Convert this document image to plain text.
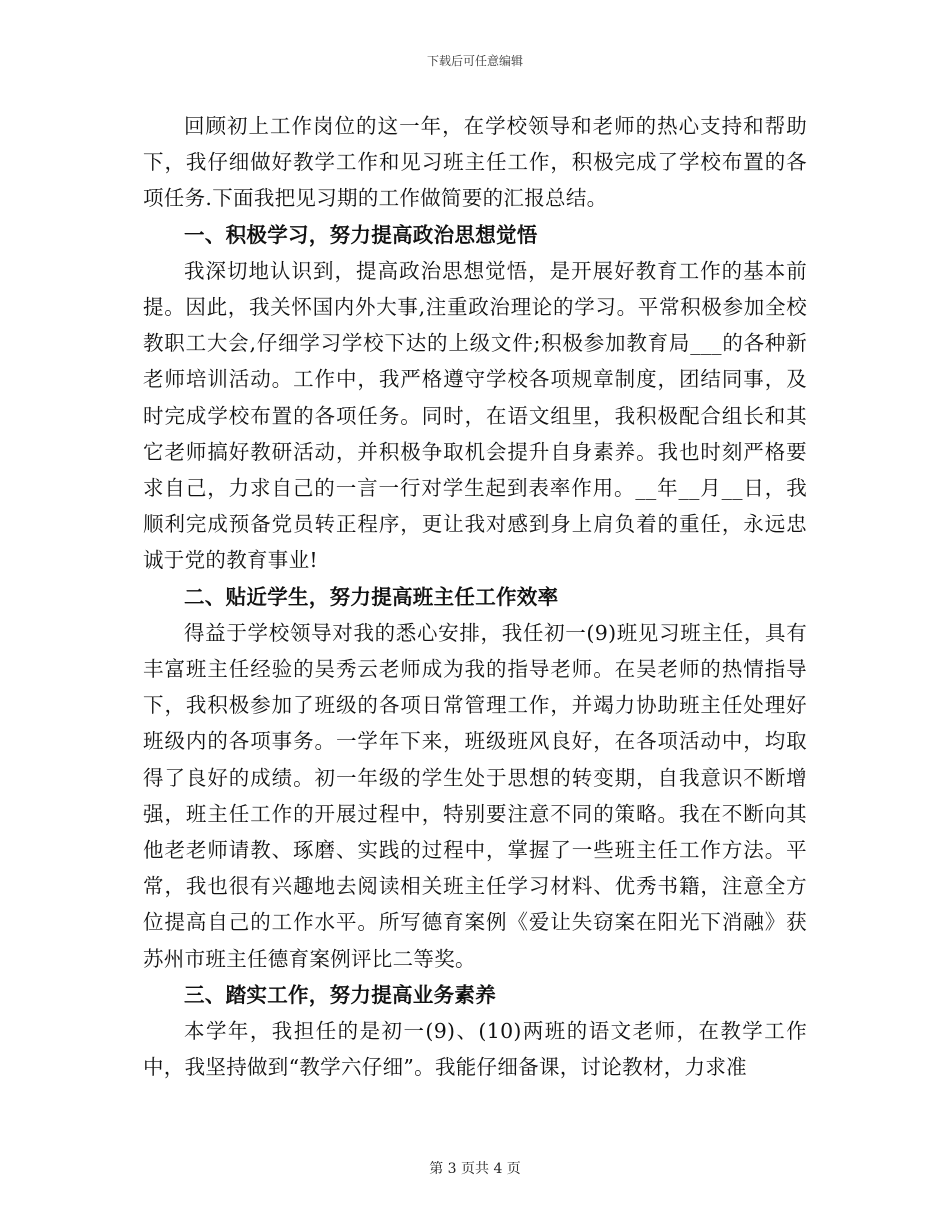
下载后可任意编辑

回顾初上工作岗位的这一年，在学校领导和老师的热心支持和帮助下，我仔细做好教学工作和见习班主任工作，积极完成了学校布置的各项任务.下面我把见习期的工作做简要的汇报总结。

一、积极学习，努力提高政治思想觉悟

我深切地认识到，提高政治思想觉悟，是开展好教育工作的基本前提。因此，我关怀国内外大事,注重政治理论的学习。平常积极参加全校教职工大会,仔细学习学校下达的上级文件;积极参加教育局___的各种新老师培训活动。工作中，我严格遵守学校各项规章制度，团结同事，及时完成学校布置的各项任务。同时，在语文组里，我积极配合组长和其它老师搞好教研活动，并积极争取机会提升自身素养。我也时刻严格要求自己，力求自己的一言一行对学生起到表率作用。__年__月__日，我顺利完成预备党员转正程序，更让我对感到身上肩负着的重任，永远忠诚于党的教育事业!

二、贴近学生，努力提高班主任工作效率

得益于学校领导对我的悉心安排，我任初一(9)班见习班主任，具有丰富班主任经验的吴秀云老师成为我的指导老师。在吴老师的热情指导下，我积极参加了班级的各项日常管理工作，并竭力协助班主任处理好班级内的各项事务。一学年下来，班级班风良好，在各项活动中，均取得了良好的成绩。初一年级的学生处于思想的转变期，自我意识不断增强，班主任工作的开展过程中，特别要注意不同的策略。我在不断向其他老老师请教、琢磨、实践的过程中，掌握了一些班主任工作方法。平常，我也很有兴趣地去阅读相关班主任学习材料、优秀书籍，注意全方位提高自己的工作水平。所写德育案例《爱让失窃案在阳光下消融》获苏州市班主任德育案例评比二等奖。

三、踏实工作，努力提高业务素养

本学年，我担任的是初一(9)、(10)两班的语文老师，在教学工作中，我坚持做到“教学六仔细”。我能仔细备课，讨论教材，力求准

第 3 页共 4 页
